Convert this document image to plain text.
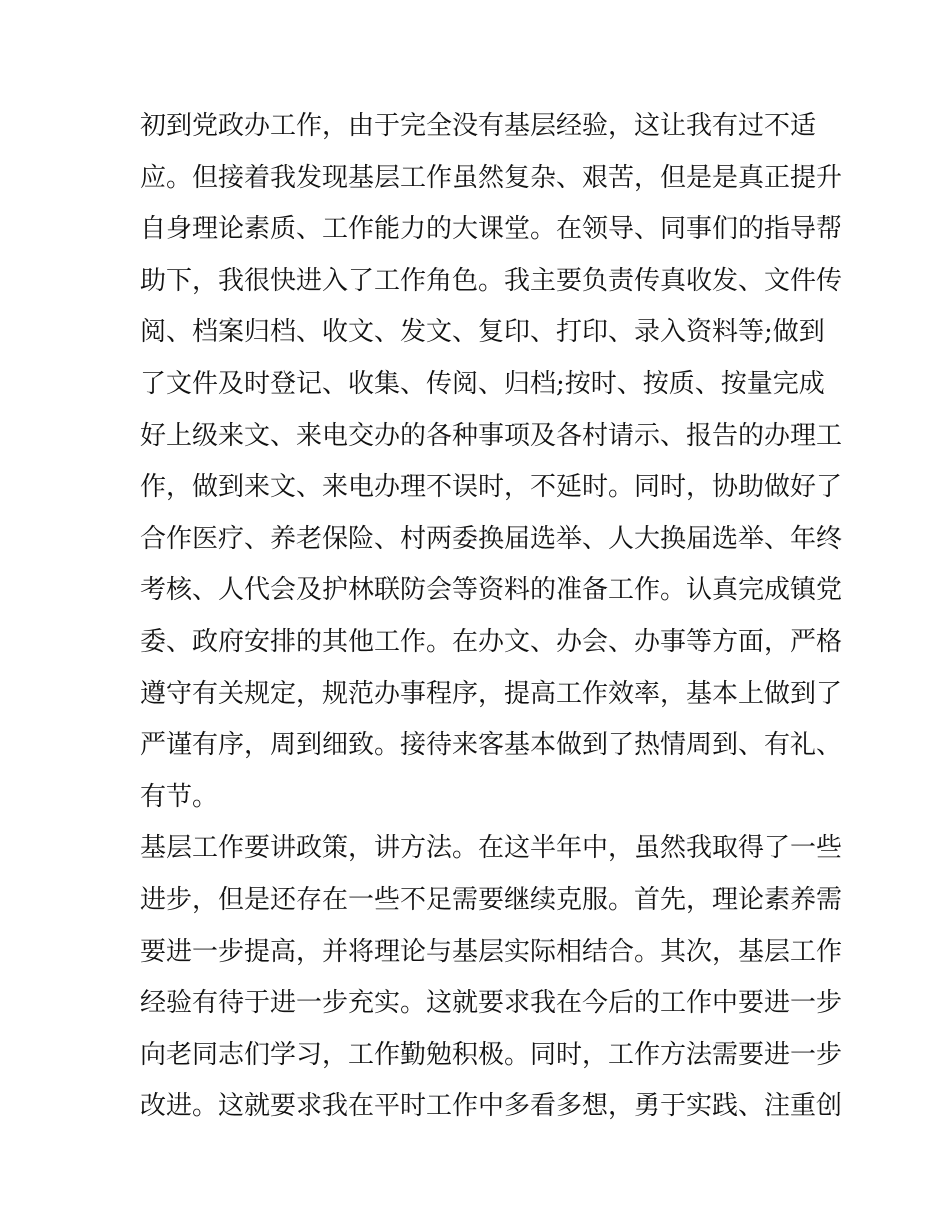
初到党政办工作，由于完全没有基层经验，这让我有过不适
应。但接着我发现基层工作虽然复杂、艰苦，但是是真正提升
自身理论素质、工作能力的大课堂。在领导、同事们的指导帮
助下，我很快进入了工作角色。我主要负责传真收发、文件传
阅、档案归档、收文、发文、复印、打印、录入资料等;做到
了文件及时登记、收集、传阅、归档;按时、按质、按量完成
好上级来文、来电交办的各种事项及各村请示、报告的办理工
作，做到来文、来电办理不误时，不延时。同时，协助做好了
合作医疗、养老保险、村两委换届选举、人大换届选举、年终
考核、人代会及护林联防会等资料的准备工作。认真完成镇党
委、政府安排的其他工作。在办文、办会、办事等方面，严格
遵守有关规定，规范办事程序，提高工作效率，基本上做到了
严谨有序，周到细致。接待来客基本做到了热情周到、有礼、
有节。
基层工作要讲政策，讲方法。在这半年中，虽然我取得了一些
进步，但是还存在一些不足需要继续克服。首先，理论素养需
要进一步提高，并将理论与基层实际相结合。其次，基层工作
经验有待于进一步充实。这就要求我在今后的工作中要进一步
向老同志们学习，工作勤勉积极。同时，工作方法需要进一步
改进。这就要求我在平时工作中多看多想，勇于实践、注重创
